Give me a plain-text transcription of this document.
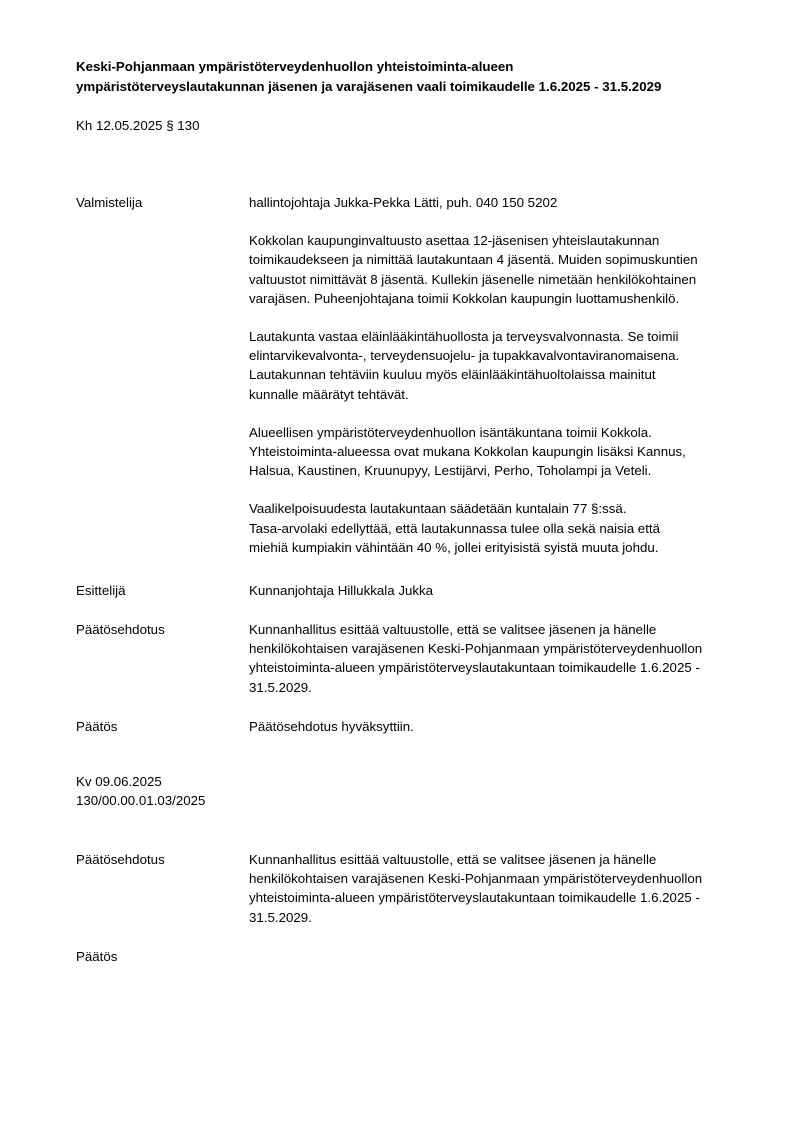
Keski-Pohjanmaan ympäristöterveydenhuollon yhteistoiminta-alueen
ympäristöterveyslautakunnan jäsenen ja varajäsenen vaali toimikaudelle 1.6.2025 - 31.5.2029
Kh 12.05.2025 § 130
Valmistelija	hallintojohtaja Jukka-Pekka Lätti, puh. 040 150 5202

Kokkolan kaupunginvaltuusto asettaa 12-jäsenisen yhteislautakunnan
toimikaudekseen ja nimittää lautakuntaan 4 jäsentä. Muiden sopimuskuntien
valtuustot nimittävät 8 jäsentä. Kullekin jäsenelle nimetään henkilökohtainen
varajäsen. Puheenjohtajana toimii Kokkolan kaupungin luottamushenkilö.

Lautakunta vastaa eläinlääkintähuollosta ja terveysvalvonnasta. Se toimii
elintarvikevalvonta-, terveydensuojelu- ja tupakkavalvontaviranomaisena.
Lautakunnan tehtäviin kuuluu myös eläinlääkintähuoltolaissa mainitut
kunnalle määrätyt tehtävät.

Alueellisen ympäristöterveydenhuollon isäntäkuntana toimii Kokkola.
Yhteistoiminta-alueessa ovat mukana Kokkolan kaupungin lisäksi Kannus,
Halsua, Kaustinen, Kruunupyy, Lestijärvi, Perho, Toholampi ja Veteli.

Vaalikelpoisuudesta lautakuntaan säädetään kuntalain 77 §:ssä.
Tasa-arvolaki edellyttää, että lautakunnassa tulee olla sekä naisia että
miehiä kumpiakin vähintään 40 %, jollei erityisistä syistä muuta johdu.

Esittelijä	Kunnanjohtaja Hillukkala Jukka
Päätösehdotus	Kunnanhallitus esittää valtuustolle, että se valitsee jäsenen ja hänelle
henkilökohtaisen varajäsenen Keski-Pohjanmaan ympäristöterveydenhuollon
yhteistoiminta-alueen ympäristöterveyslautakuntaan toimikaudelle 1.6.2025 -
31.5.2029.
Päätös	Päätösehdotus hyväksyttiin.
Kv 09.06.2025
130/00.00.01.03/2025
Päätösehdotus	Kunnanhallitus esittää valtuustolle, että se valitsee jäsenen ja hänelle
henkilökohtaisen varajäsenen Keski-Pohjanmaan ympäristöterveydenhuollon
yhteistoiminta-alueen ympäristöterveyslautakuntaan toimikaudelle 1.6.2025 -
31.5.2029.
Päätös
